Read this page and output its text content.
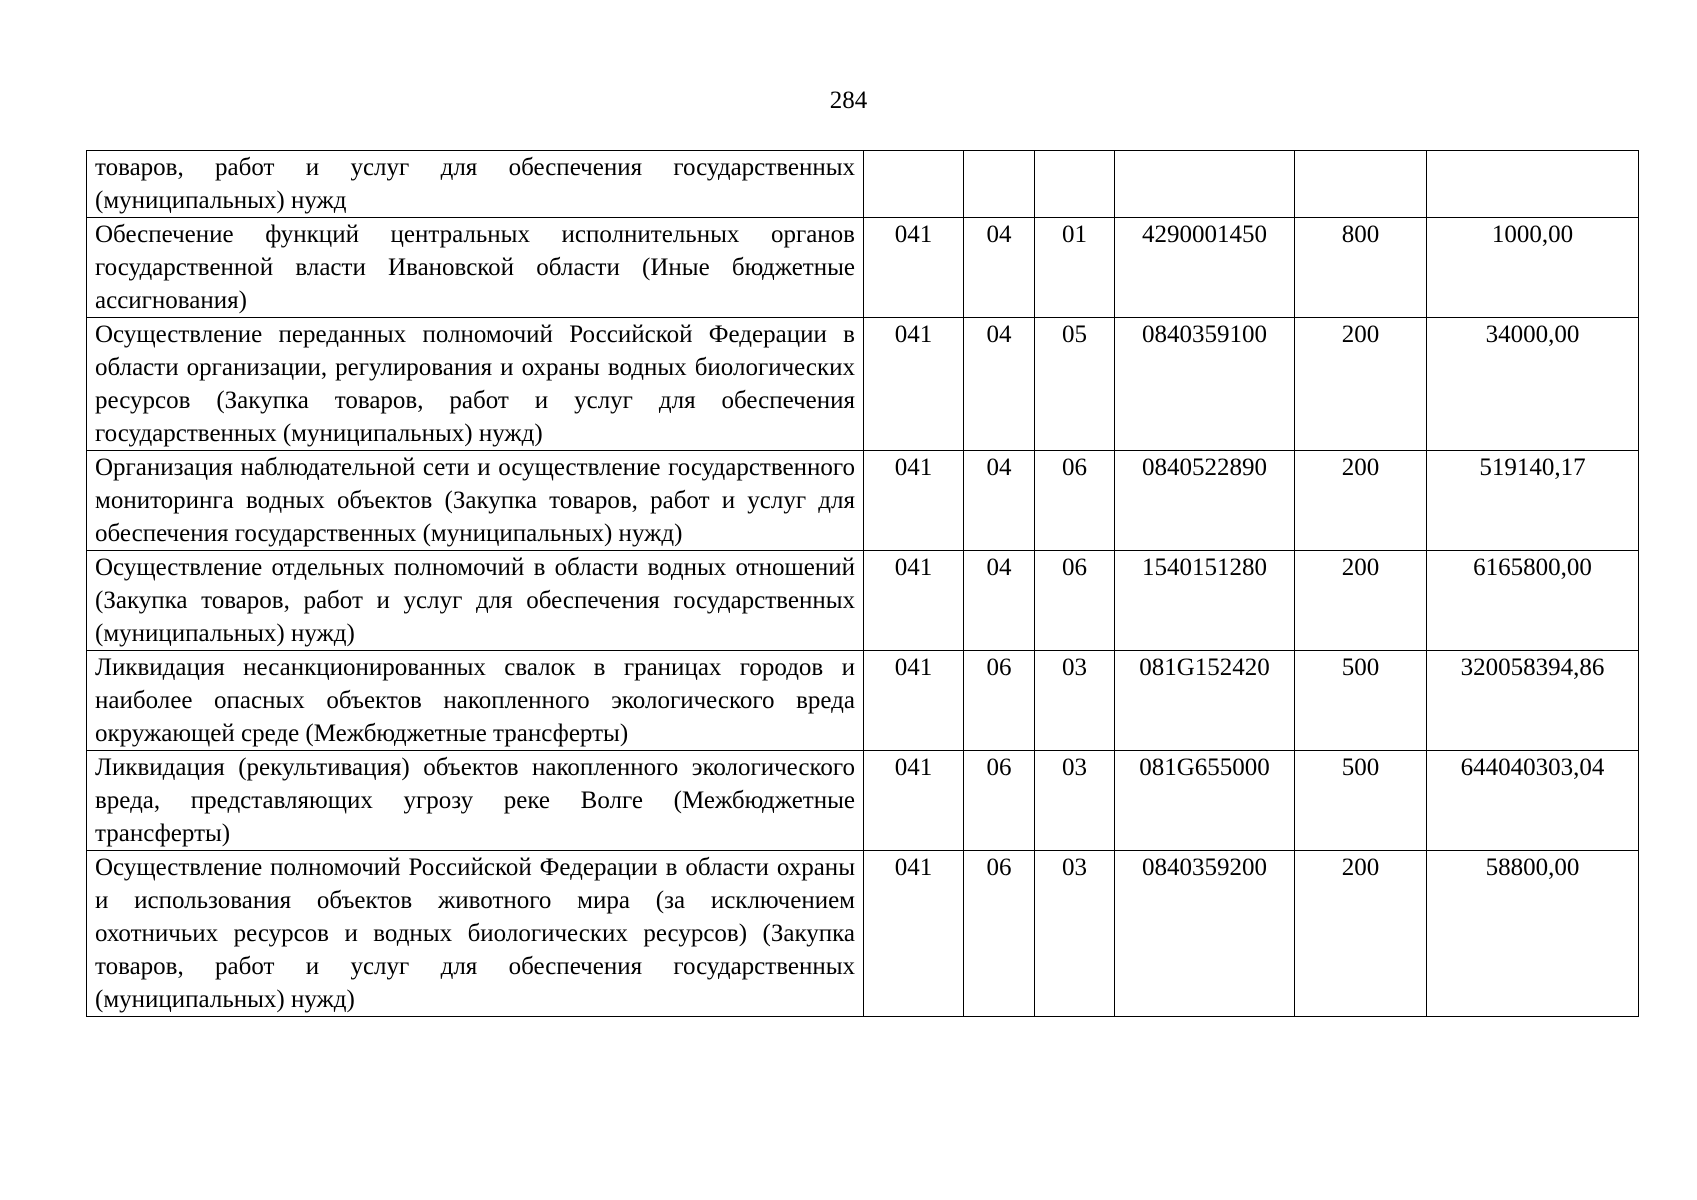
284
товаров, работ и услуг для обеспечения государственных (муниципальных) нужд						
Обеспечение функций центральных исполнительных органов государственной власти Ивановской области (Иные бюджетные ассигнования)	041	04	01	4290001450	800	1000,00
Осуществление переданных полномочий Российской Федерации в области организации, регулирования и охраны водных биологических ресурсов (Закупка товаров, работ и услуг для обеспечения государственных (муниципальных) нужд)	041	04	05	0840359100	200	34000,00
Организация наблюдательной сети и осуществление государственного мониторинга водных объектов (Закупка товаров, работ и услуг для обеспечения государственных (муниципальных) нужд)	041	04	06	0840522890	200	519140,17
Осуществление отдельных полномочий в области водных отношений (Закупка товаров, работ и услуг для обеспечения государственных (муниципальных) нужд)	041	04	06	1540151280	200	6165800,00
Ликвидация несанкционированных свалок в границах городов и наиболее опасных объектов накопленного экологического вреда окружающей среде (Межбюджетные трансферты)	041	06	03	081G152420	500	320058394,86
Ликвидация (рекультивация) объектов накопленного экологического вреда, представляющих угрозу реке Волге (Межбюджетные трансферты)	041	06	03	081G655000	500	644040303,04
Осуществление полномочий Российской Федерации в области охраны и использования объектов животного мира (за исключением охотничьих ресурсов и водных биологических ресурсов) (Закупка товаров, работ и услуг для обеспечения государственных (муниципальных) нужд)	041	06	03	0840359200	200	58800,00
